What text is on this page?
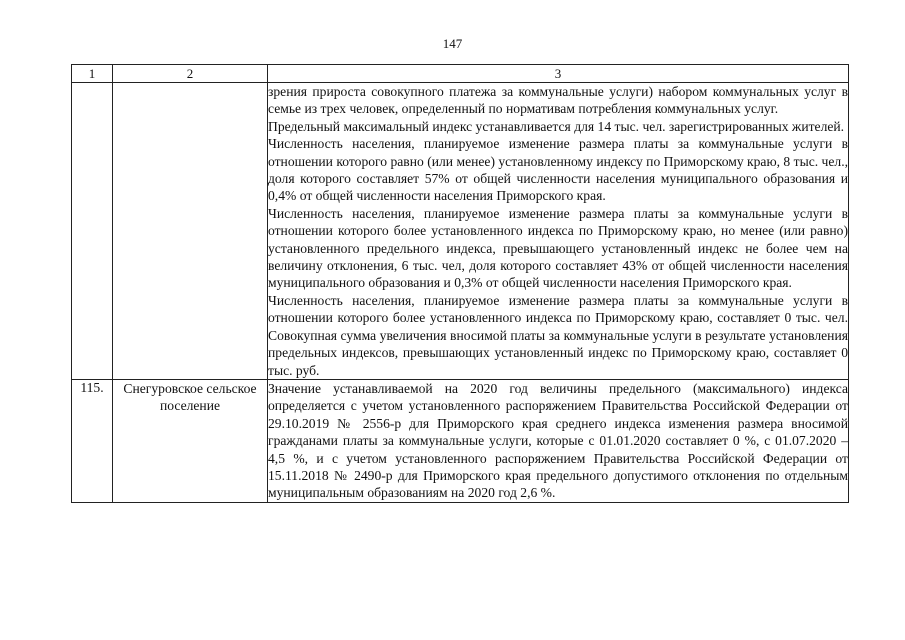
147
1	2	3

		зрения прироста совокупного платежа за коммунальные услуги) набором коммунальных услуг в семье из трех человек, определенный по нормативам потребления коммунальных услуг.

Предельный максимальный индекс устанавливается для 14 тыс. чел. зарегистрированных жителей.

Численность населения, планируемое изменение размера платы за коммунальные услуги в отношении которого равно (или менее) установленному индексу по Приморскому краю, 8 тыс. чел., доля которого составляет 57% от общей численности населения муниципального образования и 0,4% от общей численности населения Приморского края.

Численность населения, планируемое изменение размера платы за коммунальные услуги в отношении которого более установленного индекса по Приморскому краю, но менее (или равно) установленного предельного индекса, превышающего установленный индекс не более чем на величину отклонения, 6 тыс. чел, доля которого составляет 43% от общей численности населения муниципального образования и 0,3% от общей численности населения Приморского края.

Численность населения, планируемое изменение размера платы за коммунальные услуги в отношении которого более установленного индекса по Приморскому краю, составляет 0 тыс. чел. Совокупная сумма увеличения вносимой платы за коммунальные услуги в результате установления предельных индексов, превышающих установленный индекс по Приморскому краю, составляет 0 тыс. руб.

115.	Снегуровское сельское поселение	Значение устанавливаемой на 2020 год величины предельного (максимального) индекса определяется с учетом установленного распоряжением Правительства Российской Федерации от 29.10.2019 № 2556-р для Приморского края среднего индекса изменения размера вносимой гражданами платы за коммунальные услуги, которые с 01.01.2020 составляет 0 %, с 01.07.2020 – 4,5 %, и с учетом установленного распоряжением Правительства Российской Федерации от 15.11.2018 № 2490-р для Приморского края предельного допустимого отклонения по отдельным муниципальным образованиям на 2020 год 2,6 %.
